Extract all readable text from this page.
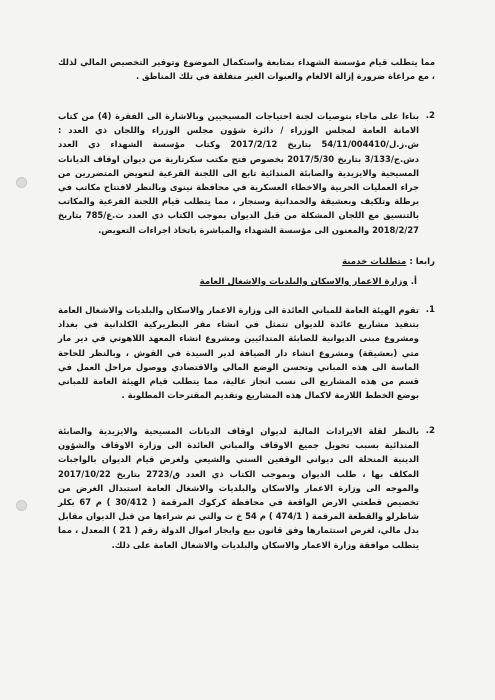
مما يتطلب قيام مؤسسة الشهداء بمتابعة واستكمال الموضوع وتوفير التخصيص المالي لذلك ، مع مراعاة ضرورة إزالة الالغام والعبوات الغير منفلقة في تلك المناطق .

2.

بناءا على ماجاء بتوصيات لجنة احتياجات المسيحيين وبالاشارة الى الفقرة (4) من كتاب الامانة العامة لمجلس الوزراء / دائرة شؤون مجلس الوزراء واللجان ذي العدد : ش.ز.ل/54/11/004410 بتاريخ 2017/2/12 وكتاب مؤسسة الشهداء ذي العدد دش.ج/3/133 بتاريخ 2017/5/30 بخصوص فتح مكتب سكرتارية من ديوان اوقاف الديانات المسيحية والايزيدية والصابئة المندائية تابع الى اللجنة الفرعية لتعويض المتضررين من جراء العمليات الحربية والاخطاء العسكرية في محافظة نينوى وبالنظر لافتتاح مكاتب في برطلة وتلكيف وبعشيقة والحمدانية وسنجار ، مما يتطلب قيام اللجنة الفرعية والمكاتب بالتنسيق مع اللجان المشكلة من قبل الديوان بموجب الكتاب ذي العدد ت.ع/785 بتاريخ 2018/2/27 والمعنون الى مؤسسة الشهداء والمباشرة باتخاذ اجراءات التعويض.

رابعا : متطلبات خدمية
أ. وزارة الاعمار والاسكان والبلديات والاشغال العامة
1.

تقوم الهيئة العامة للمباني العائدة الى وزارة الاعمار والاسكان والبلديات والاشغال العامة بتنفيذ مشاريع عائدة للديوان تتمثل في انشاء مقر البطريركية الكلدانية في بغداد ومشروع مبنى الديوانية للصابئة المندائيين ومشروع انشاء المعهد اللاهوتي في دير مار متي (بعشيقة) ومشروع انشاء دار الضيافة لدير السيدة في القوش ، وبالنظر للحاجة الماسة الى هذه المباني وتحسن الوضع المالي والاقتصادي ووصول مراحل العمل في قسم من هذه المشاريع الى نسب انجاز عالية، مما يتطلب قيام الهيئة العامة للمباني بوضع الخطط اللازمة لاكمال هذه المشاريع وتقديم المقترحات المطلوبة .

2.

بالنظر لقلة الايرادات المالية لديوان اوقاف الديانات المسيحية والايزيدية والصابئة المندائية بسبب تحويل جميع الاوقاف والمباني العائدة الى وزارة الاوقاف والشؤون الدينية المنحلة الى ديواني الوقفين السني والشيعي ولغرض قيام الديوان بالواجبات المكلف بها ، طلب الديوان وبموجب الكتاب ذي العدد ق/2723 بتاريخ 2017/10/22 والموجه الى وزارة الاعمار والاسكان والبلديات والاشغال العامة استبدال الغرض من تخصيص قطعتي الارض الواقعة في محافظة كركوك المرقمة ( 30/412 ) م 67 بكلر شاطرلو والقطعة المرقمة ( 474/1 ) م 54 خ ت والتي تم شراءها من قبل الديوان مقابل بدل مالي، لغرض استثمارها وفق قانون بيع وايجار اموال الدولة رقم ( 21 ) المعدل ، مما يتطلب موافقة وزارة الاعمار والاسكان والبلديات والاشغال العامة على ذلك.
